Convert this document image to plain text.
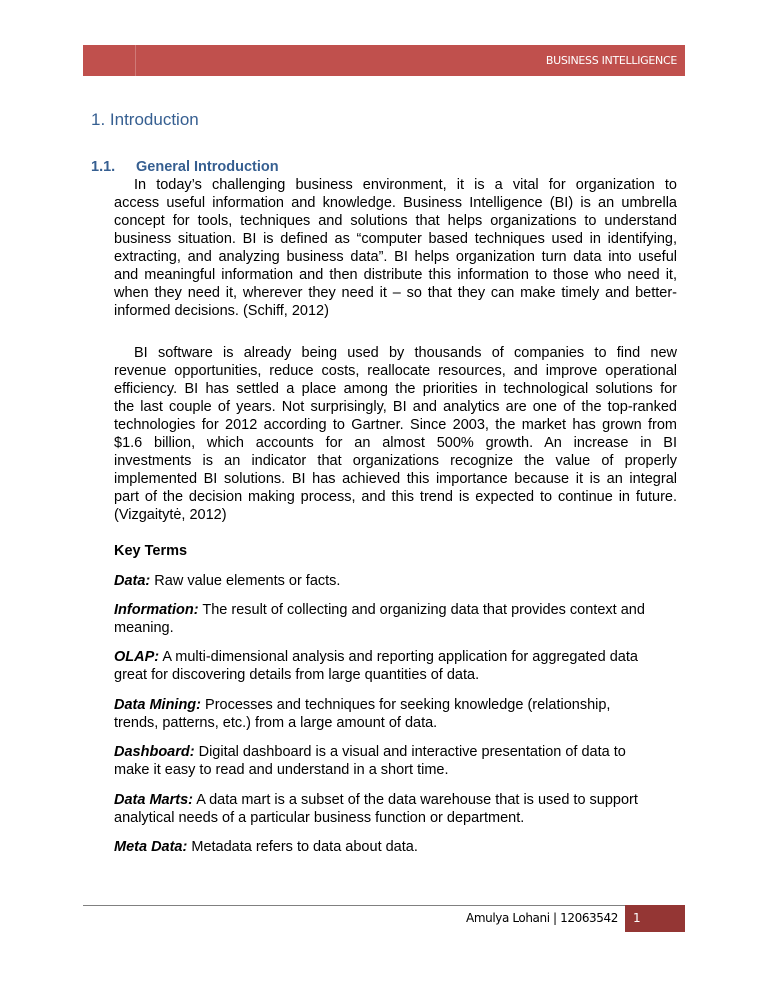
BUSINESS INTELLIGENCE
1. Introduction
1.1. General Introduction
In today’s challenging business environment, it is a vital for organization to
access useful information and knowledge. Business Intelligence (BI) is an umbrella
concept for tools, techniques and solutions that helps organizations to understand
business situation. BI is defined as “computer based techniques used in identifying,
extracting, and analyzing business data”. BI helps organization turn data into useful
and meaningful information and then distribute this information to those who need it,
when they need it, wherever they need it – so that they can make timely and better-
informed decisions. (Schiff, 2012)
BI software is already being used by thousands of companies to find new
revenue opportunities, reduce costs, reallocate resources, and improve operational
efficiency. BI has settled a place among the priorities in technological solutions for
the last couple of years. Not surprisingly, BI and analytics are one of the top-ranked
technologies for 2012 according to Gartner. Since 2003, the market has grown from
$1.6 billion, which accounts for an almost 500% growth. An increase in BI
investments is an indicator that organizations recognize the value of properly
implemented BI solutions. BI has achieved this importance because it is an integral
part of the decision making process, and this trend is expected to continue in future.
(Vizgaitytė, 2012)
Key Terms
Data: Raw value elements or facts.
Information: The result of collecting and organizing data that provides context and
meaning.
OLAP: A multi-dimensional analysis and reporting application for aggregated data
great for discovering details from large quantities of data.
Data Mining: Processes and techniques for seeking knowledge (relationship,
trends, patterns, etc.) from a large amount of data.
Dashboard: Digital dashboard is a visual and interactive presentation of data to
make it easy to read and understand in a short time.
Data Marts: A data mart is a subset of the data warehouse that is used to support
analytical needs of a particular business function or department.
Meta Data: Metadata refers to data about data.
Amulya Lohani | 12063542 1
